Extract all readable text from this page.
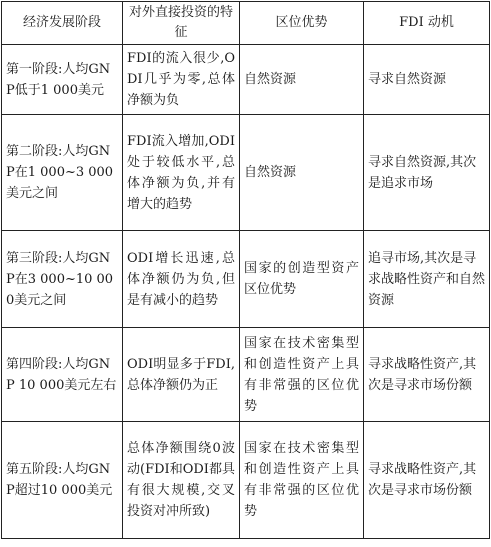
经济发展阶段	对外直接投资的特征	区位优势	FDI 动机
第一阶段:人均GNP低于1 000美元	FDI的流入很少,ODI几乎为零,总体净额为负	自然资源	寻求自然资源
第二阶段:人均GNP在1 000~3 000美元之间	FDI流入增加,ODI处于较低水平,总体净额为负,并有增大的趋势	自然资源	寻求自然资源,其次是追求市场
第三阶段:人均GNP在3 000~10 000美元之间	ODI增长迅速,总体净额仍为负,但是有减小的趋势	国家的创造型资产区位优势	追寻市场,其次是寻求战略性资产和自然资源
第四阶段:人均GNP 10 000美元左右	ODI明显多于FDI,总体净额仍为正	国家在技术密集型和创造性资产上具有非常强的区位优势	寻求战略性资产,其次是寻求市场份额
第五阶段:人均GNP超过10 000美元	总体净额围绕0波动(FDI和ODI都具有很大规模,交叉投资对冲所致)	国家在技术密集型和创造性资产上具有非常强的区位优势	寻求战略性资产,其次是寻求市场份额
